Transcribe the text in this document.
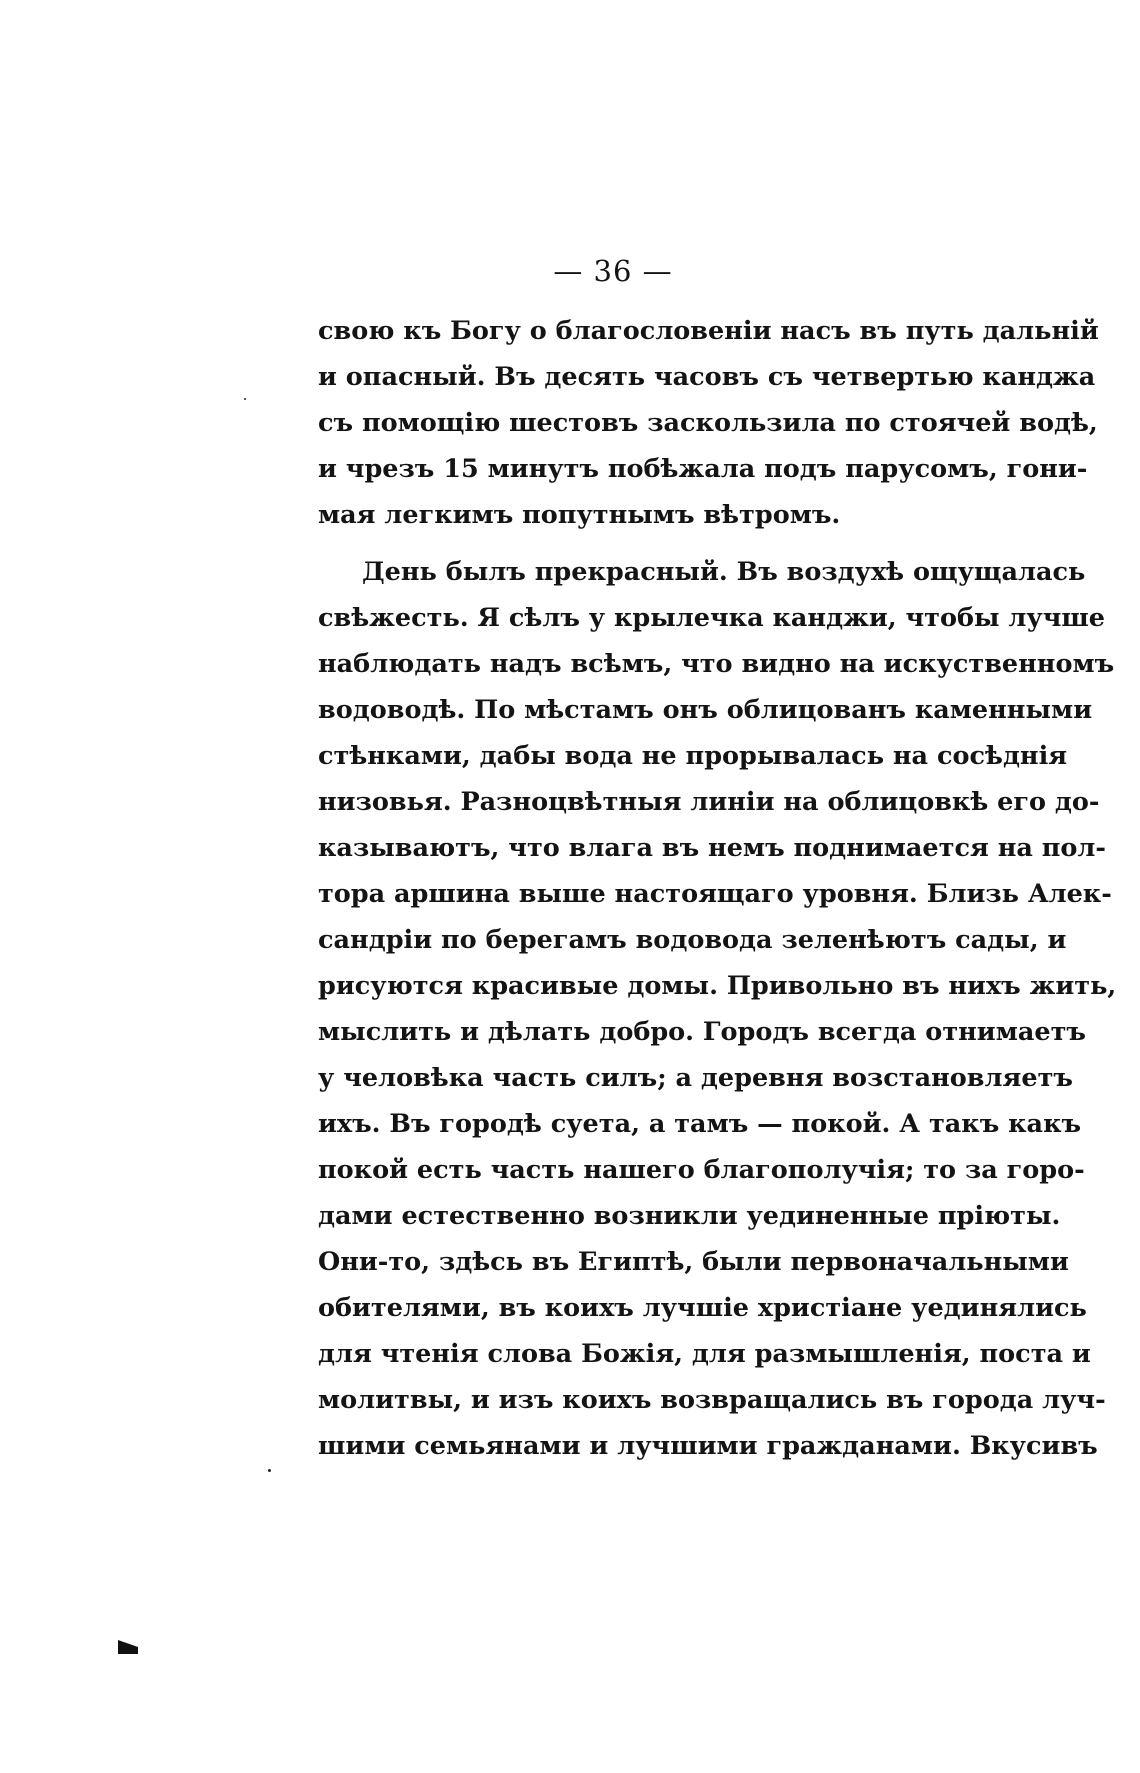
— 36 —
свою къ Богу о благословеніи насъ въ путь дальній
и опасный. Въ десять часовъ съ четвертью канджа
съ помощію шестовъ заскользила по стоячей водѣ,
и чрезъ 15 минутъ побѣжала подъ парусомъ, гони-
мая легкимъ попутнымъ вѣтромъ.
День былъ прекрасный. Въ воздухѣ ощущалась
свѣжесть. Я сѣлъ у крылечка канджи, чтобы лучше
наблюдать надъ всѣмъ, что видно на искуственномъ
водоводѣ. По мѣстамъ онъ облицованъ каменными
стѣнками, дабы вода не прорывалась на сосѣднія
низовья. Разноцвѣтныя линіи на облицовкѣ его до-
казываютъ, что влага въ немъ поднимается на пол-
тора аршина выше настоящаго уровня. Близь Алек-
сандріи по берегамъ водовода зеленѣютъ сады, и
рисуются красивые домы. Привольно въ нихъ жить,
мыслить и дѣлать добро. Городъ всегда отнимаетъ
у человѣка часть силъ; а деревня возстановляетъ
ихъ. Въ городѣ суета, а тамъ — покой. А такъ какъ
покой есть часть нашего благополучія; то за горо-
дами естественно возникли уединенные пріюты.
Они-то, здѣсь въ Египтѣ, были первоначальными
обителями, въ коихъ лучшіе христіане уединялись
для чтенія слова Божія, для размышленія, поста и
молитвы, и изъ коихъ возвращались въ города луч-
шими семьянами и лучшими гражданами. Вкусивъ
